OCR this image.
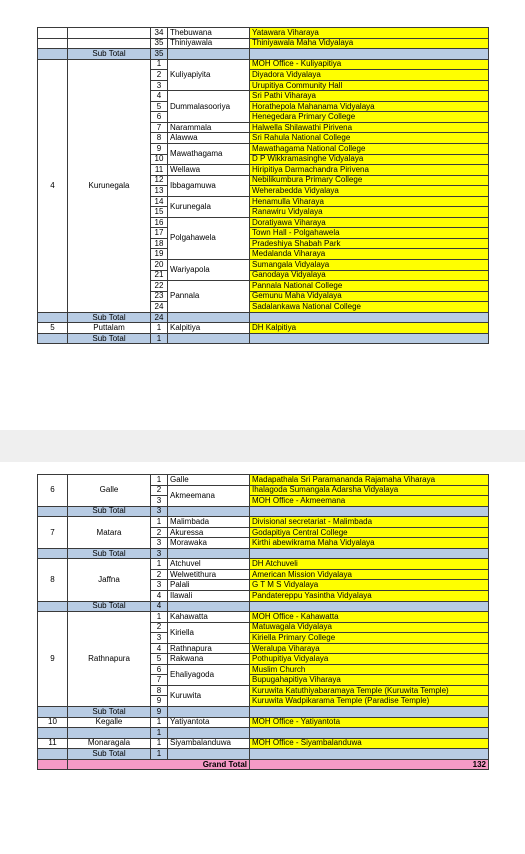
		34	Thebuwana	Yatawara Viharaya
		35	Thiniyawala	Thiniyawala Maha Vidyalaya
	Sub Total	35		
4	Kurunegala	1	Kuliyapiyita	MOH Office - Kuliyapitiya
		2		Diyadora Vidyalaya
		3		Urupitiya Community Hall
		4	Dummalasooriya	Sri Pathi Viharaya
		5		Horathepola Mahanama Vidyalaya
		6		Henegedara Primary College
		7	Narammala	Halwella Shilawathi Pirivena
		8	Alawwa	Sri Rahula National College
		9	Mawathagama	Mawathagama National College
		10		D P Wikkramasinghe Vidyalaya
		11	Wellawa	Hiripitiya Darmachandra Pirivena
		12	Ibbagamuwa	Nebilikumbura Primary College
		13		Weherabedda Vidyalaya
		14	Kurunegala	Henamulla Viharaya
		15		Ranawiru Vidyalaya
		16	Polgahawela	Doratiyawa Viharaya
		17		Town Hall - Polgahawela
		18		Pradeshiya Shabah Park
		19		Medalanda Viharaya
		20	Wariyapola	Sumangala Vidyalaya
		21		Ganodaya Vidyalaya
		22	Pannala	Pannala National College
		23		Gemunu Maha Vidyalaya
		24		Sadalankawa National College
	Sub Total	24		
5	Puttalam	1	Kalpitiya	DH Kalpitiya
	Sub Total	1		
6	Galle	1	Galle	Madapathala Sri Paramananda Rajamaha Viharaya
		2	Akmeemana	Ihalagoda Sumangala Adarsha Vidyalaya
		3		MOH Office - Akmeemana
	Sub Total	3		
7	Matara	1	Malimbada	Divisional secretariat - Malimbada
		2	Akuressa	Godapitiya Central College
		3	Morawaka	Kirthi abewikrama Maha Vidyalaya
	Sub Total	3		
8	Jaffna	1	Atchuvel	DH Atchuveli
		2	Welwetithura	American Mission Vidyalaya
		3	Palali	G T M S Vidyalaya
		4	Ilawali	Pandatereppu Yasintha Vidyalaya
	Sub Total	4		
9	Rathnapura	1	Kahawatta	MOH Office - Kahawatta
		2	Kiriella	Matuwagala Vidyalaya
		3		Kiriella Primary College
		4	Rathnapura	Weralupa Viharaya
		5	Rakwana	Pothupitiya Vidyalaya
		6	Ehaliyagoda	Muslim Church
		7		Bupugahapitiya Viharaya
		8	Kuruwita	Kuruwita Katuthiyabaramaya Temple (Kuruwita Temple)
		9		Kuruwita Wadpikarama Temple (Paradise Temple)
	Sub Total	9		
10	Kegalle	1	Yatiyantota	MOH Office - Yatiyantota
		1		
11	Monaragala	1	Siyambalanduwa	MOH Office - Siyambalanduwa
	Sub Total	1		
	Grand Total			132
